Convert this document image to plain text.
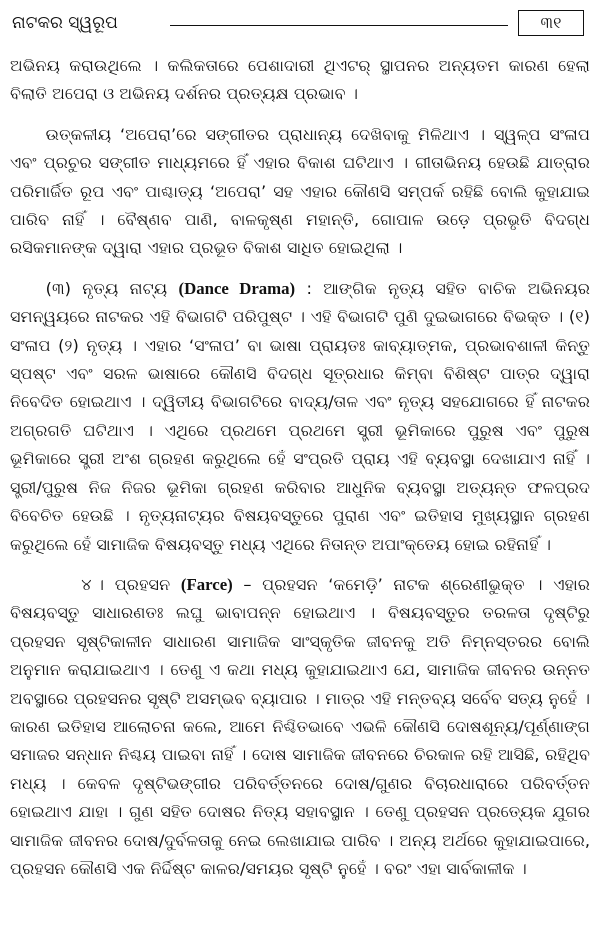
ନାଟକର ସ୍ୱରୂପ	୩୧

ଅଭିନୟ କରାଉଥିଲେ । କଲିକତାରେ ପେଶାଦାରୀ ଥିଏଟର୍ ସ୍ଥାପନର ଅନ୍ୟତମ କାରଣ ହେଲା ବିଲାତି ଅପେରା ଓ ଅଭିନୟ ଦର୍ଶନର ପ୍ରତ୍ୟକ୍ଷ ପ୍ରଭାବ ।

ଉତ୍କଳୀୟ ‘ଅପେରା’ରେ ସଙ୍ଗୀତର ପ୍ରାଧାନ୍ୟ ଦେଖିବାକୁ ମିଳିଥାଏ । ସ୍ୱଳ୍ପ ସଂଳାପ ଏବଂ ପ୍ରଚୁର ସଙ୍ଗୀତ ମାଧ୍ୟମରେ ହିଁ ଏହାର ବିକାଶ ଘଟିଥାଏ । ଗୀତାଭିନୟ ହେଉଛି ଯାତ୍ରାର ପରିମାର୍ଜିତ ରୂପ ଏବଂ ପାଶ୍ଚାତ୍ୟ ‘ଅପେରା’ ସହ ଏହାର କୌଣସି ସମ୍ପର୍କ ରହିଛି ବୋଲି କୁହାଯାଇ ପାରିବ ନାହିଁ । ବୈଷ୍ଣବ ପାଣି, ବାଳକୃଷ୍ଣ ମହାନ୍ତି, ଗୋପାଳ ଉଡ଼େ ପ୍ରଭୃତି ବିଦଗ୍ଧ ରସିକମାନଙ୍କ ଦ୍ୱାରା ଏହାର ପ୍ରଭୂତ ବିକାଶ ସାଧିତ ହୋଇଥିଲା ।

(୩) ନୃତ୍ୟ ନାଟ୍ୟ (Dance Drama) : ଆଙ୍ଗିକ ନୃତ୍ୟ ସହିତ ବାଚିକ ଅଭିନୟର ସମନ୍ୱୟରେ ନାଟକର ଏହି ବିଭାଗଟି ପରିପୁଷ୍ଟ । ଏହି ବିଭାଗଟି ପୁଣି ଦୁଇଭାଗରେ ବିଭକ୍ତ । (୧) ସଂଳାପ (୨) ନୃତ୍ୟ । ଏହାର ‘ସଂଳାପ’ ବା ଭାଷା ପ୍ରାୟତଃ କାବ୍ୟାତ୍ମକ, ପ୍ରଭାବଶାଳୀ କିନ୍ତୁ ସ୍ପଷ୍ଟ ଏବଂ ସରଳ ଭାଷାରେ କୌଣସି ବିଦଗ୍ଧ ସୂତ୍ରଧାର କିମ୍ବା ବିଶିଷ୍ଟ ପାତ୍ର ଦ୍ୱାରା ନିବେଦିତ ହୋଇଥାଏ । ଦ୍ୱିତୀୟ ବିଭାଗଟିରେ ବାଦ୍ୟ/ତାଳ ଏବଂ ନୃତ୍ୟ ସହଯୋଗରେ ହିଁ ନାଟକର ଅଗ୍ରଗତି ଘଟିଥାଏ । ଏଥିରେ ପ୍ରଥମେ ପ୍ରଥମେ ସ୍ତ୍ରୀ ଭୂମିକାରେ ପୁରୁଷ ଏବଂ ପୁରୁଷ ଭୂମିକାରେ ସ୍ତ୍ରୀ ଅଂଶ ଗ୍ରହଣ କରୁଥିଲେ ହେଁ ସଂପ୍ରତି ପ୍ରାୟ ଏହି ବ୍ୟବସ୍ଥା ଦେଖାଯାଏ ନାହିଁ । ସ୍ତ୍ରୀ/ପୁରୁଷ ନିଜ ନିଜର ଭୂମିକା ଗ୍ରହଣ କରିବାର ଆଧୁନିକ ବ୍ୟବସ୍ଥା ଅତ୍ୟନ୍ତ ଫଳପ୍ରଦ ବିବେଚିତ ହେଉଛି । ନୃତ୍ୟନାଟ୍ୟର ବିଷୟବସ୍ତୁରେ ପୁରାଣ ଏବଂ ଇତିହାସ ମୁଖ୍ୟସ୍ଥାନ ଗ୍ରହଣ କରୁଥିଲେ ହେଁ ସାମାଜିକ ବିଷୟବସ୍ତୁ ମଧ୍ୟ ଏଥିରେ ନିତାନ୍ତ ଅପାଂକ୍ତେୟ ହୋଇ ରହିନାହିଁ ।

୪ । ପ୍ରହସନ (Farce) – ପ୍ରହସନ ‘କମେଡ଼ି’ ନାଟକ ଶ୍ରେଣୀଭୁକ୍ତ । ଏହାର ବିଷୟବସ୍ତୁ ସାଧାରଣତଃ ଲଘୁ ଭାବାପନ୍ନ ହୋଇଥାଏ । ବିଷୟବସ୍ତୁର ତରଳତା ଦୃଷ୍ଟିରୁ ପ୍ରହସନ ସୃଷ୍ଟିକାଳୀନ ସାଧାରଣ ସାମାଜିକ ସାଂସ୍କୃତିକ ଜୀବନକୁ ଅତି ନିମ୍ନସ୍ତରର ବୋଲି ଅନୁମାନ କରାଯାଇଥାଏ । ତେଣୁ ଏ କଥା ମଧ୍ୟ କୁହାଯାଇଥାଏ ଯେ, ସାମାଜିକ ଜୀବନର ଉନ୍ନତ ଅବସ୍ଥାରେ ପ୍ରହସନର ସୃଷ୍ଟି ଅସମ୍ଭବ ବ୍ୟାପାର । ମାତ୍ର ଏହି ମନ୍ତବ୍ୟ ସର୍ବେବ ସତ୍ୟ ନୁହେଁ । କାରଣ ଇତିହାସ ଆଲୋଚନା କଲେ, ଆମେ ନିଶ୍ଚିତଭାବେ ଏଭଳି କୌଣସି ଦୋଷଶୂନ୍ୟ/ପୂର୍ଣ୍ଣାଙ୍ଗ ସମାଜର ସନ୍ଧାନ ନିଶ୍ଚୟ ପାଇବା ନାହିଁ । ଦୋଷ ସାମାଜିକ ଜୀବନରେ ଚିରକାଳ ରହି ଆସିଛି, ରହିଥିବ ମଧ୍ୟ । କେବଳ ଦୃଷ୍ଟିଭଙ୍ଗୀର ପରିବର୍ତ୍ତନରେ ଦୋଷ/ଗୁଣର ବିଚାରଧାରାରେ ପରିବର୍ତ୍ତନ ହୋଇଥାଏ ଯାହା । ଗୁଣ ସହିତ ଦୋଷର ନିତ୍ୟ ସହାବସ୍ଥାନ । ତେଣୁ ପ୍ରହସନ ପ୍ରତ୍ୟେକ ଯୁଗର ସାମାଜିକ ଜୀବନର ଦୋଷ/ଦୁର୍ବଳତାକୁ ନେଇ ଲେଖାଯାଇ ପାରିବ । ଅନ୍ୟ ଅର୍ଥରେ କୁହାଯାଇପାରେ, ପ୍ରହସନ କୌଣସି ଏକ ନିର୍ଦ୍ଦିଷ୍ଟ କାଳର/ସମୟର ସୃଷ୍ଟି ନୁହେଁ । ବରଂ ଏହା ସାର୍ବକାଳୀକ ।
